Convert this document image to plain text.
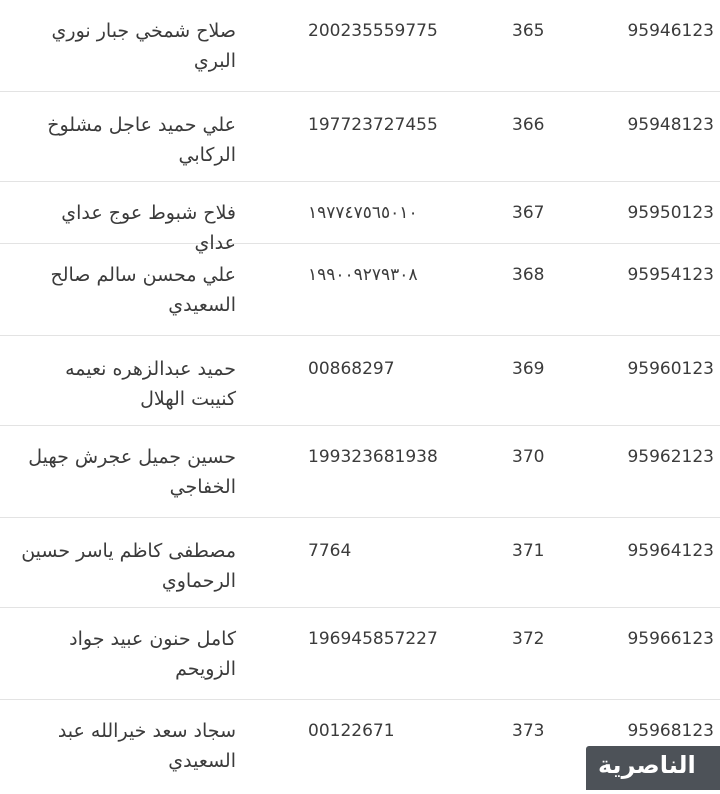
95946123
365
200235559775
صلاح شمخي جبار نوري البري
95948123
366
197723727455
علي حميد عاجل مشلوخ الركابي
95950123
367
١٩٧٧٤٧٥٦٥٠١٠
فلاح شبوط عوج عداي عداي
95954123
368
١٩٩٠٠٩٢٧٩٣٠٨
علي محسن سالم صالح السعيدي
95960123
369
00868297
حميد عبدالزهره نعيمه كنيبت الهلال
95962123
370
199323681938
حسين جميل عجرش جهيل الخفاجي
95964123
371
7764
مصطفى كاظم ياسر حسين الرحماوي
95966123
372
196945857227
كامل حنون عبيد جواد الزويحم
95968123
373
00122671
سجاد سعد خيرالله عبد السعيدي	الناصرية
